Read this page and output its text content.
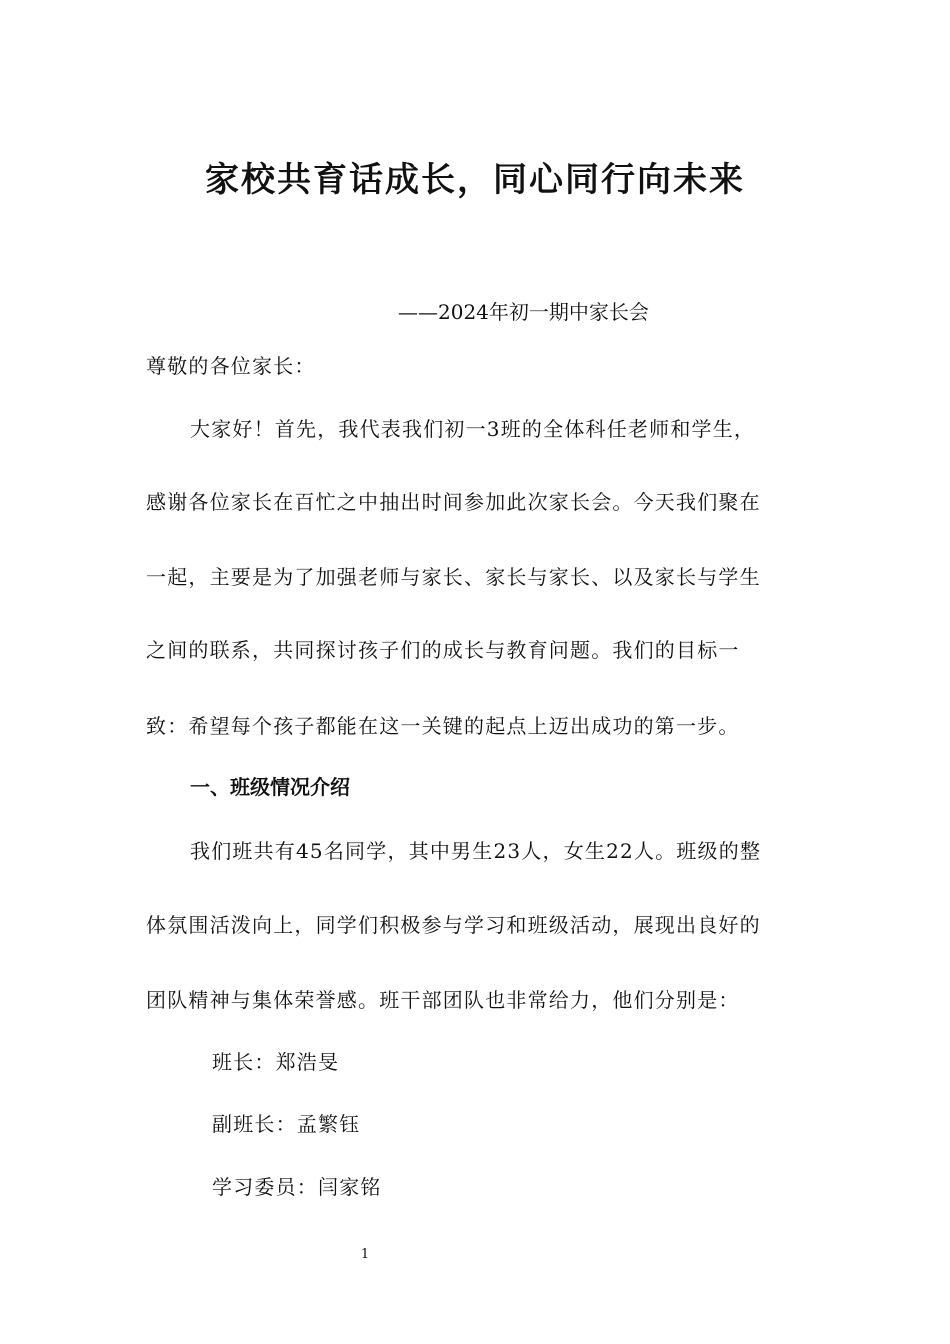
家校共育话成长，同心同行向未来
——2024年初一期中家长会
尊敬的各位家长：
大家好！首先，我代表我们初一3班的全体科任老师和学生，
感谢各位家长在百忙之中抽出时间参加此次家长会。今天我们聚在
一起，主要是为了加强老师与家长、家长与家长、以及家长与学生
之间的联系，共同探讨孩子们的成长与教育问题。我们的目标一
致：希望每个孩子都能在这一关键的起点上迈出成功的第一步。
一、班级情况介绍
我们班共有45名同学，其中男生23人，女生22人。班级的整
体氛围活泼向上，同学们积极参与学习和班级活动，展现出良好的
团队精神与集体荣誉感。班干部团队也非常给力，他们分别是：
班长：郑浩旻
副班长：孟繁钰
学习委员：闫家铭
1
